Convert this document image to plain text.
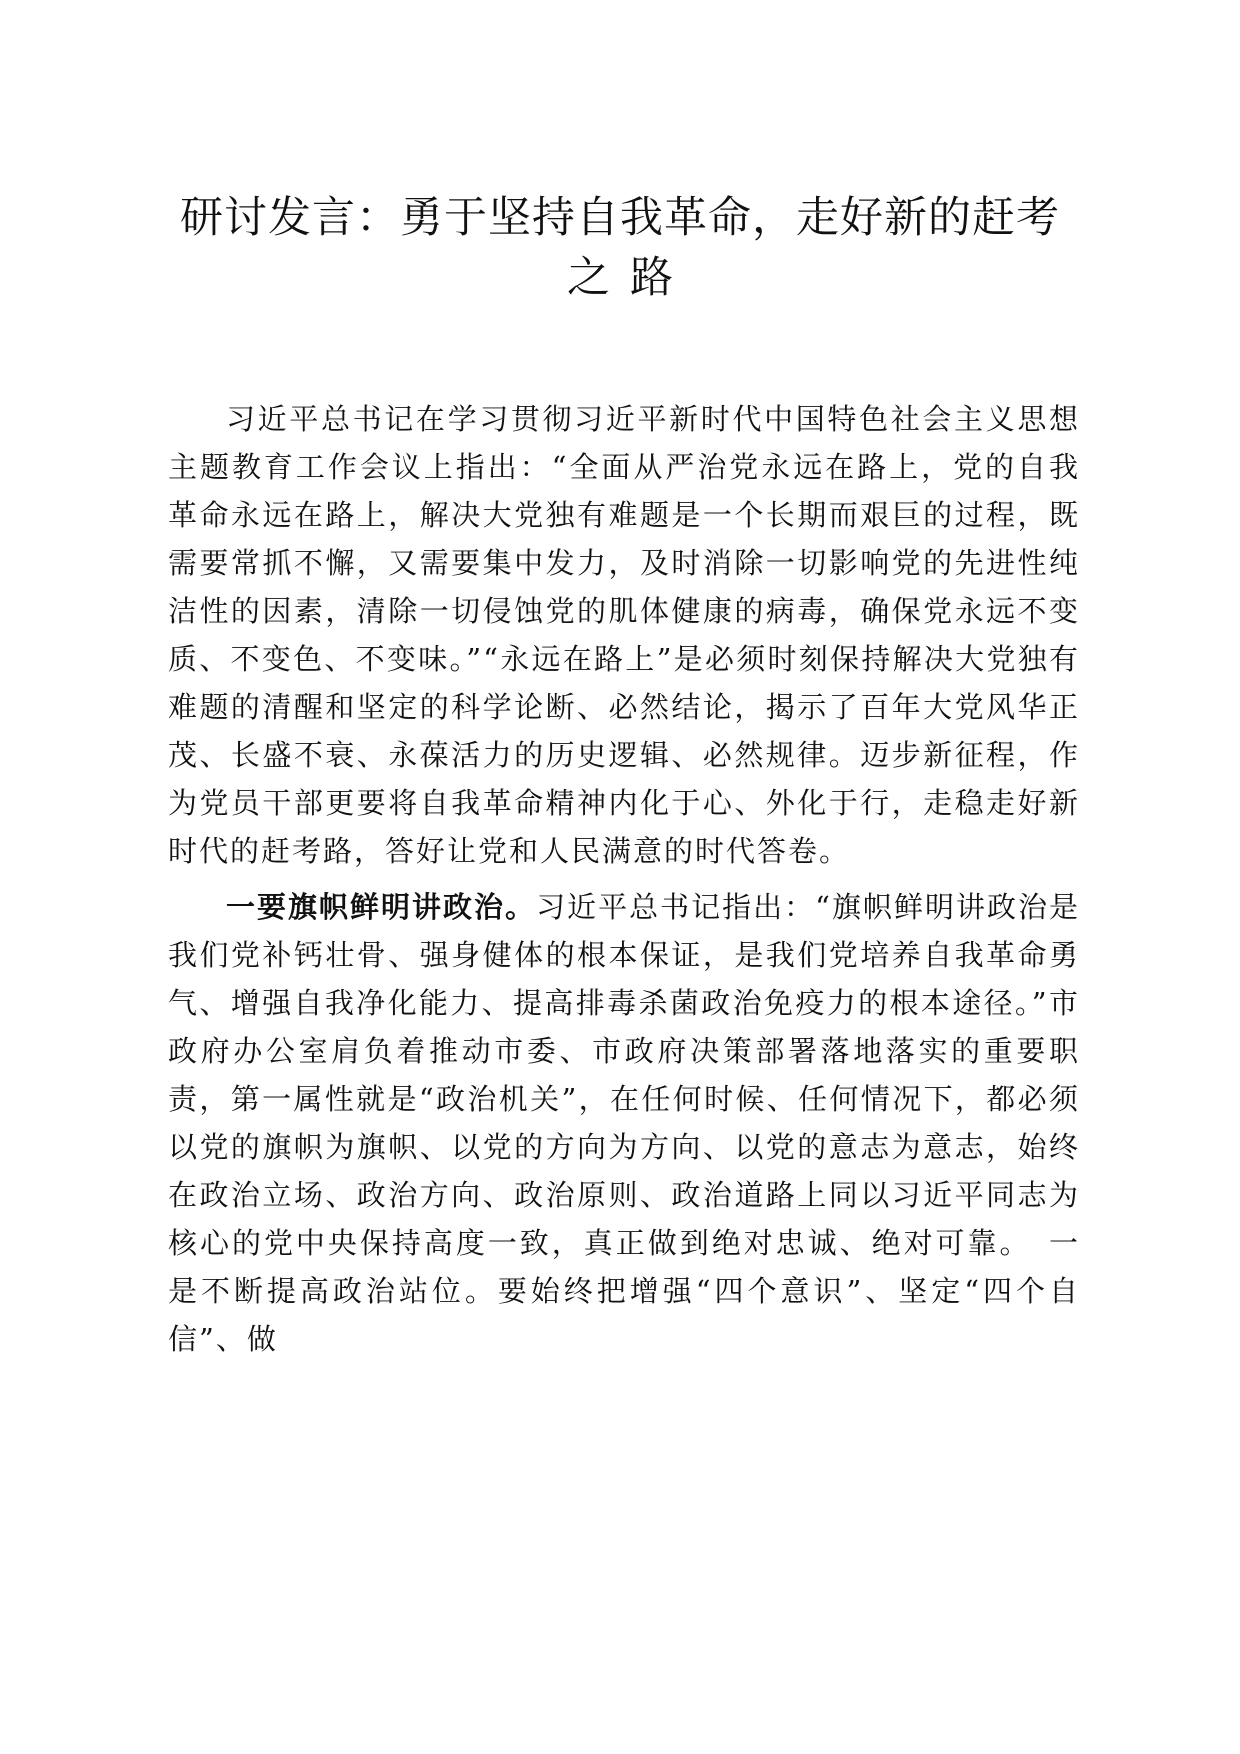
研讨发言：勇于坚持自我革命，走好新的赶考
之路

习近平总书记在学习贯彻习近平新时代中国特色社会主义思想主题教育工作会议上指出：“全面从严治党永远在路上，党的自我革命永远在路上，解决大党独有难题是一个长期而艰巨的过程，既需要常抓不懈，又需要集中发力，及时消除一切影响党的先进性纯洁性的因素，清除一切侵蚀党的肌体健康的病毒，确保党永远不变质、不变色、不变味。”“永远在路上”是必须时刻保持解决大党独有难题的清醒和坚定的科学论断、必然结论，揭示了百年大党风华正茂、长盛不衰、永葆活力的历史逻辑、必然规律。迈步新征程，作为党员干部更要将自我革命精神内化于心、外化于行，走稳走好新时代的赶考路，答好让党和人民满意的时代答卷。

一要旗帜鲜明讲政治。习近平总书记指出：“旗帜鲜明讲政治是我们党补钙壮骨、强身健体的根本保证，是我们党培养自我革命勇气、增强自我净化能力、提高排毒杀菌政治免疫力的根本途径。”市政府办公室肩负着推动市委、市政府决策部署落地落实的重要职责，第一属性就是“政治机关”，在任何时候、任何情况下，都必须以党的旗帜为旗帜、以党的方向为方向、以党的意志为意志，始终在政治立场、政治方向、政治原则、政治道路上同以习近平同志为核心的党中央保持高度一致，真正做到绝对忠诚、绝对可靠。　一是不断提高政治站位。要始终把增强“四个意识”、坚定“四个自信”、做
